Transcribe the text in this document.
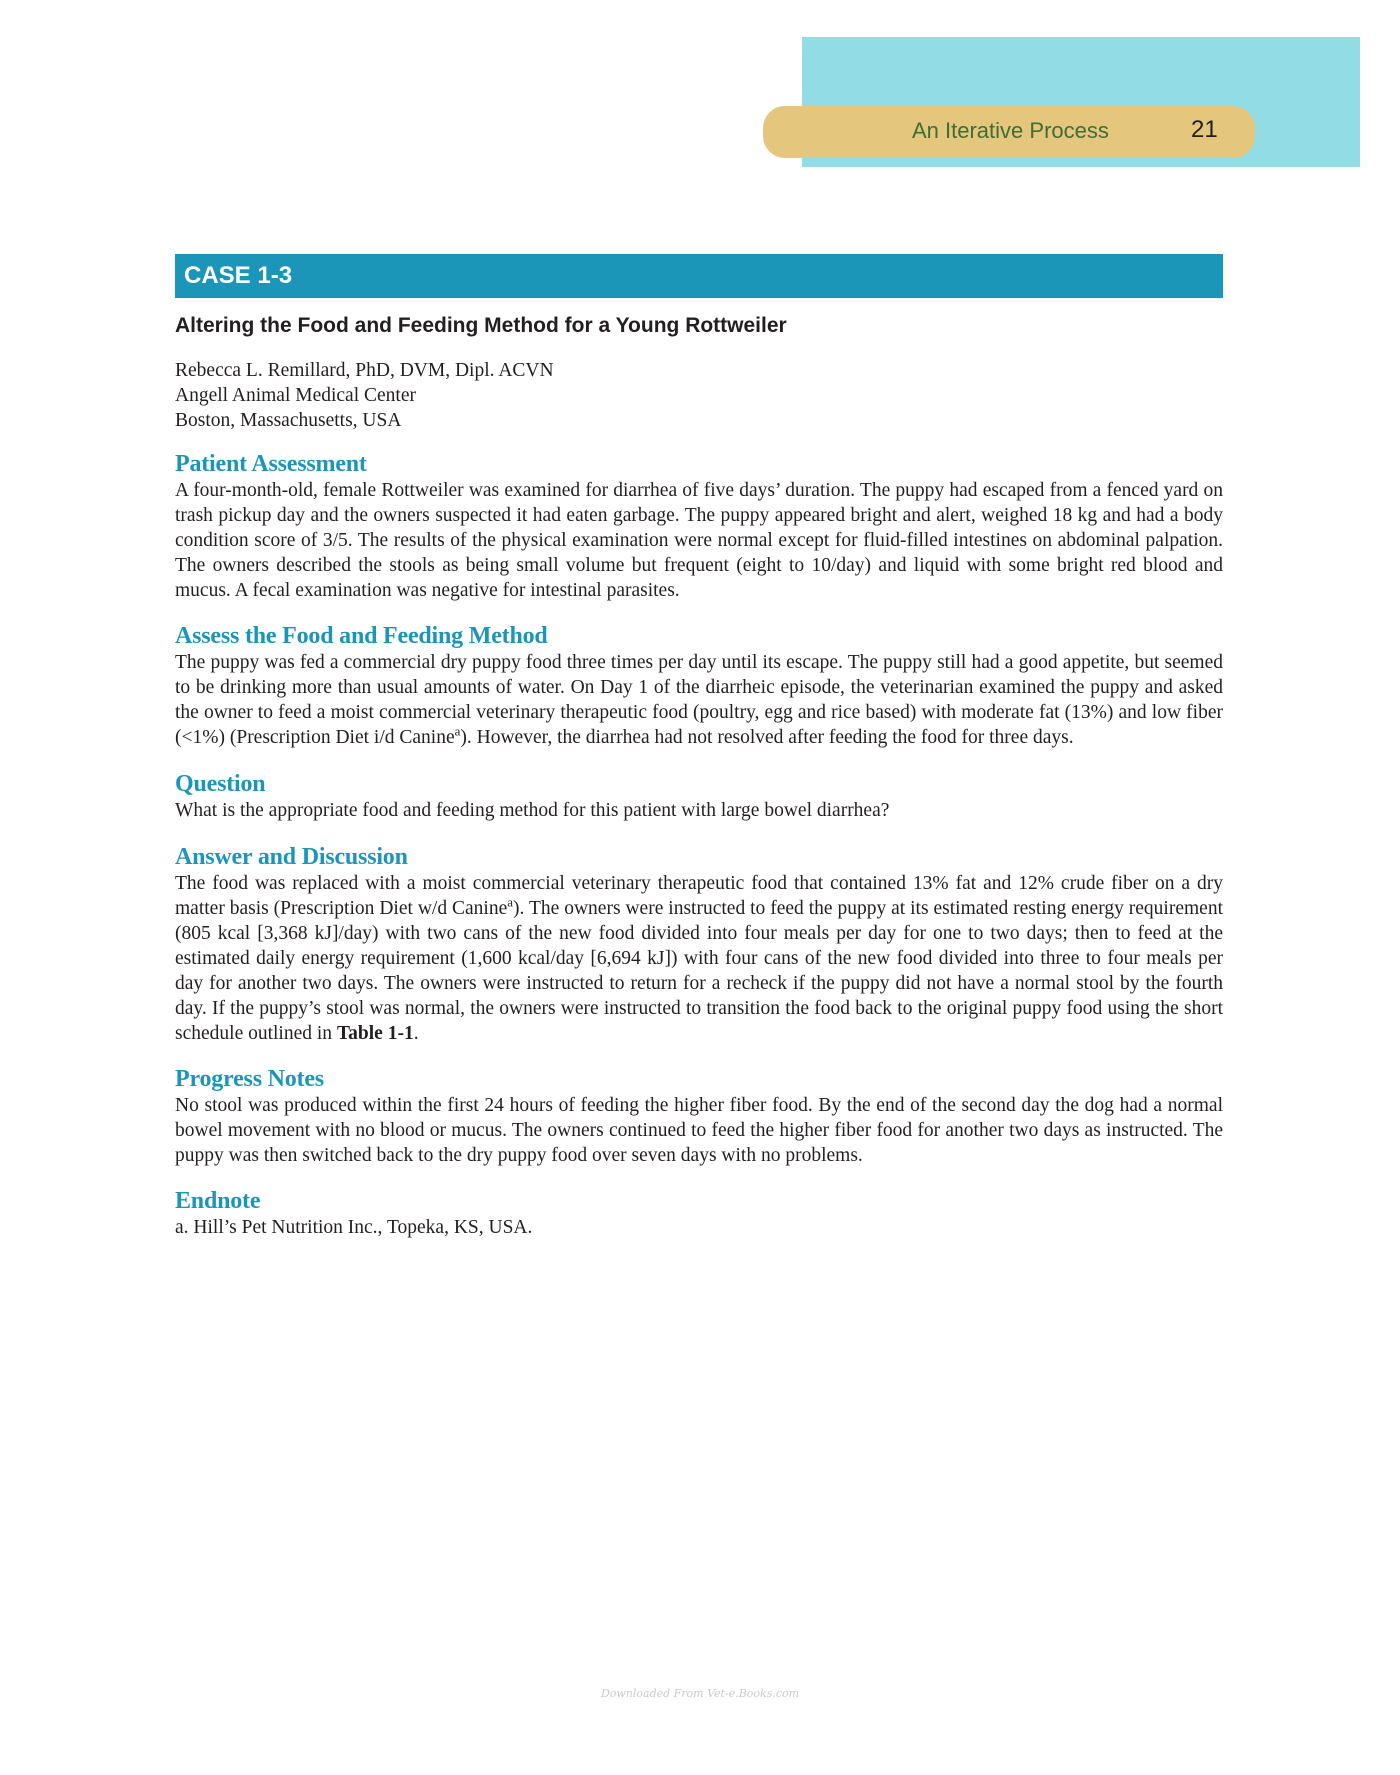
An Iterative Process	21
CASE 1-3
Altering the Food and Feeding Method for a Young Rottweiler
Rebecca L. Remillard, PhD, DVM, Dipl. ACVN
Angell Animal Medical Center
Boston, Massachusetts, USA
Patient Assessment

A four-month-old, female Rottweiler was examined for diarrhea of five days’ duration. The puppy had escaped from a fenced yard on trash pickup day and the owners suspected it had eaten garbage. The puppy appeared bright and alert, weighed 18 kg and had a body condition score of 3/5. The results of the physical examination were normal except for fluid-filled intestines on abdominal palpation. The owners described the stools as being small volume but frequent (eight to 10/day) and liquid with some bright red blood and mucus. A fecal examination was negative for intestinal parasites.

Assess the Food and Feeding Method

The puppy was fed a commercial dry puppy food three times per day until its escape. The puppy still had a good appetite, but seemed to be drinking more than usual amounts of water. On Day 1 of the diarrheic episode, the veterinarian examined the puppy and asked the owner to feed a moist commercial veterinary therapeutic food (poultry, egg and rice based) with moderate fat (13%) and low fiber (<1%) (Prescription Diet i/d Canine$^a$). However, the diarrhea had not resolved after feeding the food for three days.

Question

What is the appropriate food and feeding method for this patient with large bowel diarrhea?

Answer and Discussion

The food was replaced with a moist commercial veterinary therapeutic food that contained 13% fat and 12% crude fiber on a dry matter basis (Prescription Diet w/d Canine$^a$). The owners were instructed to feed the puppy at its estimated resting energy requirement (805 kcal [3,368 kJ]/day) with two cans of the new food divided into four meals per day for one to two days; then to feed at the estimated daily energy requirement (1,600 kcal/day [6,694 kJ]) with four cans of the new food divided into three to four meals per day for another two days. The owners were instructed to return for a recheck if the puppy did not have a normal stool by the fourth day. If the puppy’s stool was normal, the owners were instructed to transition the food back to the original puppy food using the short schedule outlined in Table 1-1.

Progress Notes

No stool was produced within the first 24 hours of feeding the higher fiber food. By the end of the second day the dog had a normal bowel movement with no blood or mucus. The owners continued to feed the higher fiber food for another two days as instructed. The puppy was then switched back to the dry puppy food over seven days with no problems.

Endnote

a. Hill’s Pet Nutrition Inc., Topeka, KS, USA.

Downloaded From Vet-e.Books.com
